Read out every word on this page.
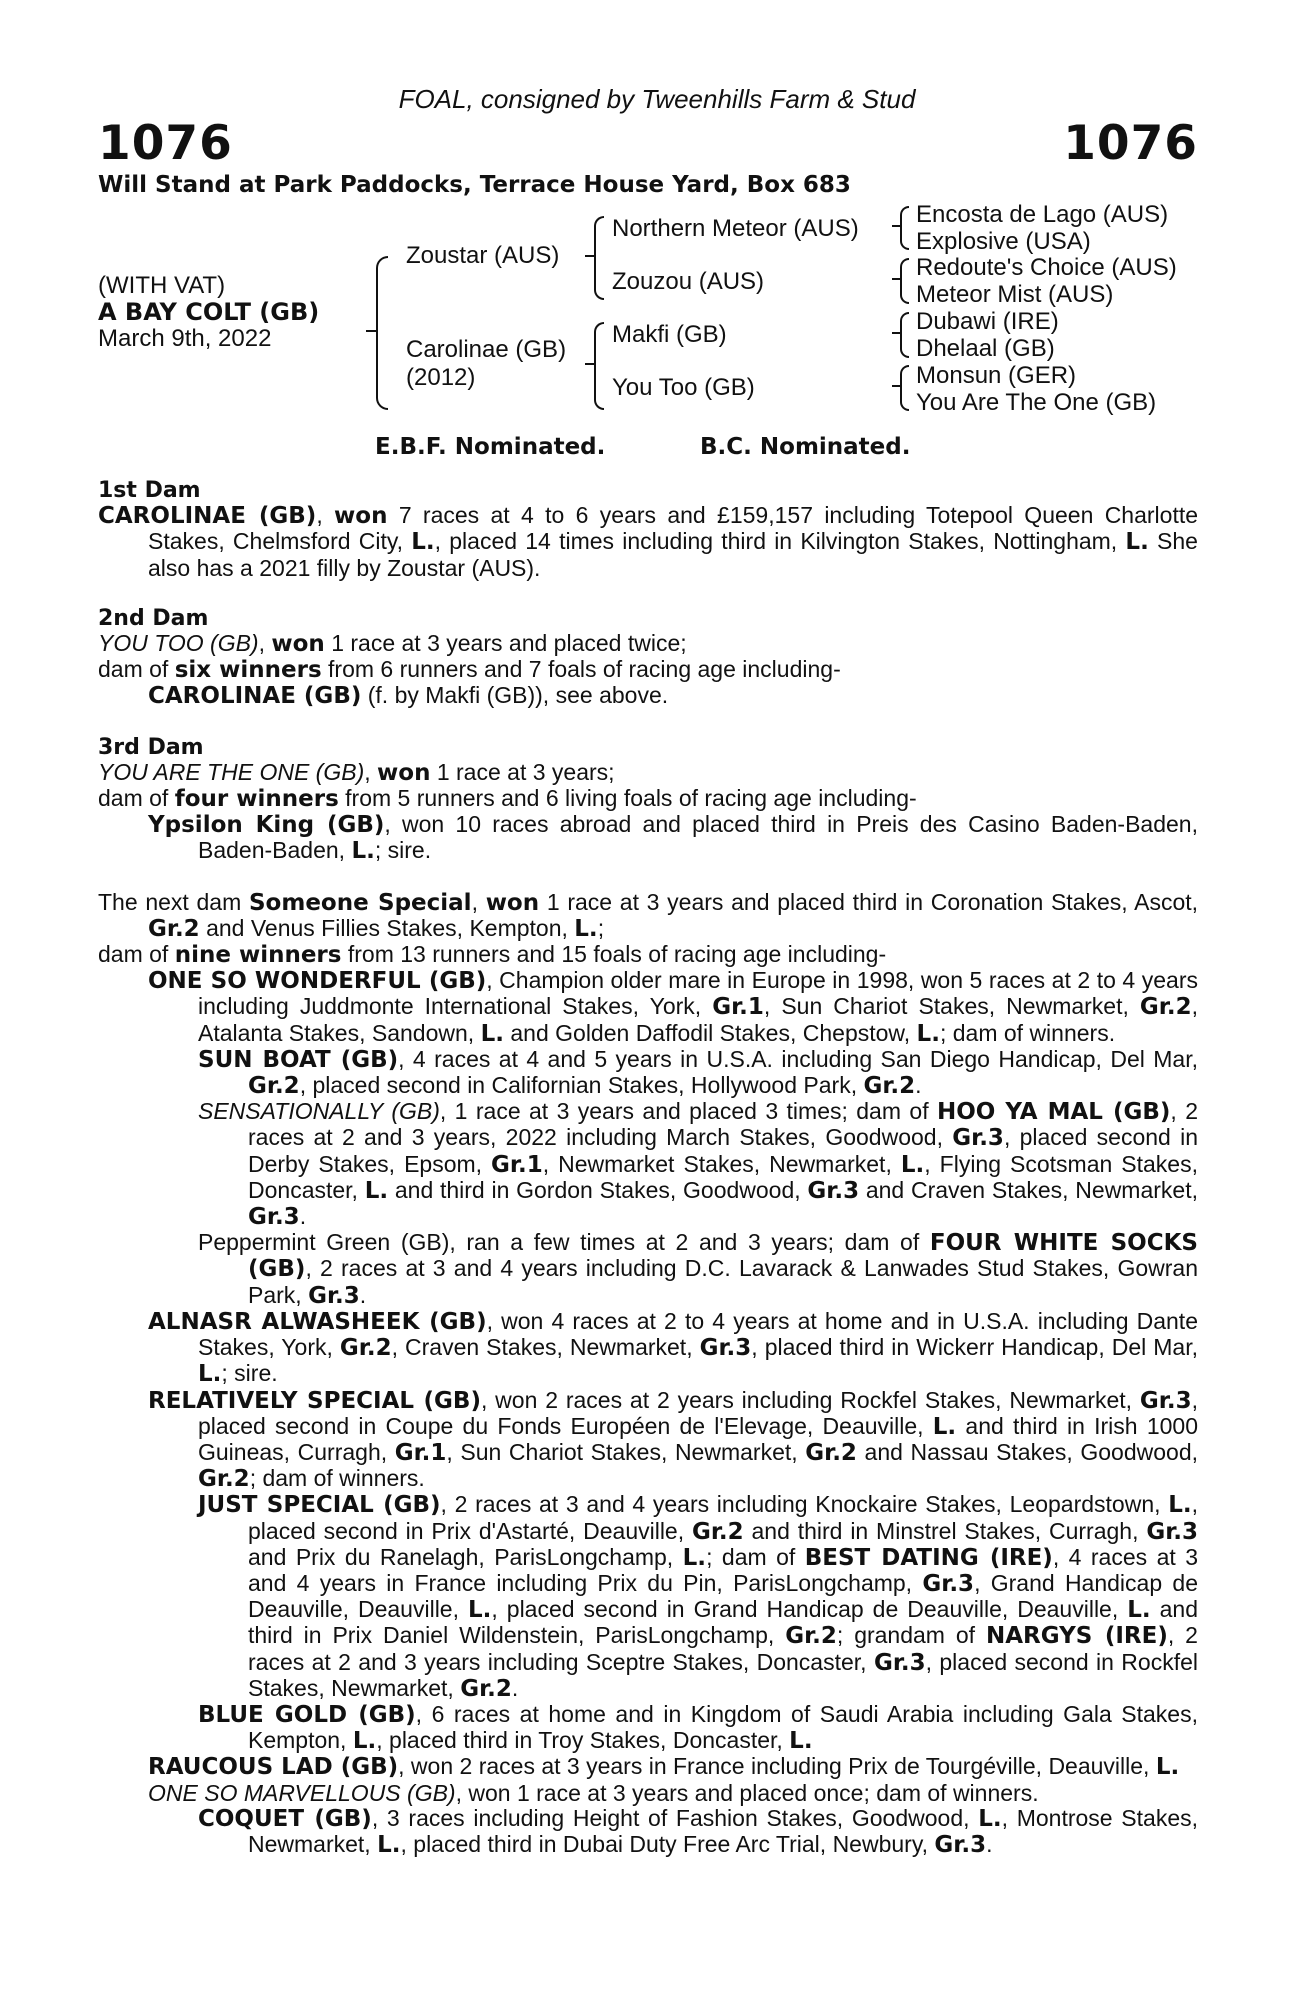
FOAL, consigned by Tweenhills Farm & Stud
1076	1076
Will Stand at Park Paddocks, Terrace House Yard, Box 683
(WITH VAT)
A BAY COLT (GB)
March 9th, 2022
Zoustar (AUS)
Carolinae (GB)
(2012)
Northern Meteor (AUS)
Zouzou (AUS)
Makfi (GB)
You Too (GB)
Encosta de Lago (AUS)
Explosive (USA)
Redoute's Choice (AUS)
Meteor Mist (AUS)
Dubawi (IRE)
Dhelaal (GB)
Monsun (GER)
You Are The One (GB)
E.B.F. Nominated.	B.C. Nominated.

1st Dam

CAROLINAE (GB), won 7 races at 4 to 6 years and £159,157 including Totepool Queen Charlotte Stakes, Chelmsford City, L., placed 14 times including third in Kilvington Stakes, Nottingham, L. She also has a 2021 filly by Zoustar (AUS).

2nd Dam

YOU TOO (GB), won 1 race at 3 years and placed twice;

dam of six winners from 6 runners and 7 foals of racing age including-

CAROLINAE (GB) (f. by Makfi (GB)), see above.

3rd Dam

YOU ARE THE ONE (GB), won 1 race at 3 years;

dam of four winners from 5 runners and 6 living foals of racing age including-

Ypsilon King (GB), won 10 races abroad and placed third in Preis des Casino Baden-Baden, Baden-Baden, L.; sire.

The next dam Someone Special, won 1 race at 3 years and placed third in Coronation Stakes, Ascot, Gr.2 and Venus Fillies Stakes, Kempton, L.;

dam of nine winners from 13 runners and 15 foals of racing age including-

ONE SO WONDERFUL (GB), Champion older mare in Europe in 1998, won 5 races at 2 to 4 years including Juddmonte International Stakes, York, Gr.1, Sun Chariot Stakes, Newmarket, Gr.2, Atalanta Stakes, Sandown, L. and Golden Daffodil Stakes, Chepstow, L.; dam of winners.

SUN BOAT (GB), 4 races at 4 and 5 years in U.S.A. including San Diego Handicap, Del Mar, Gr.2, placed second in Californian Stakes, Hollywood Park, Gr.2.

SENSATIONALLY (GB), 1 race at 3 years and placed 3 times; dam of HOO YA MAL (GB), 2 races at 2 and 3 years, 2022 including March Stakes, Goodwood, Gr.3, placed second in Derby Stakes, Epsom, Gr.1, Newmarket Stakes, Newmarket, L., Flying Scotsman Stakes, Doncaster, L. and third in Gordon Stakes, Goodwood, Gr.3 and Craven Stakes, Newmarket, Gr.3.

Peppermint Green (GB), ran a few times at 2 and 3 years; dam of FOUR WHITE SOCKS (GB), 2 races at 3 and 4 years including D.C. Lavarack & Lanwades Stud Stakes, Gowran Park, Gr.3.

ALNASR ALWASHEEK (GB), won 4 races at 2 to 4 years at home and in U.S.A. including Dante Stakes, York, Gr.2, Craven Stakes, Newmarket, Gr.3, placed third in Wickerr Handicap, Del Mar, L.; sire.

RELATIVELY SPECIAL (GB), won 2 races at 2 years including Rockfel Stakes, Newmarket, Gr.3, placed second in Coupe du Fonds Européen de l'Elevage, Deauville, L. and third in Irish 1000 Guineas, Curragh, Gr.1, Sun Chariot Stakes, Newmarket, Gr.2 and Nassau Stakes, Goodwood, Gr.2; dam of winners.

JUST SPECIAL (GB), 2 races at 3 and 4 years including Knockaire Stakes, Leopardstown, L., placed second in Prix d'Astarté, Deauville, Gr.2 and third in Minstrel Stakes, Curragh, Gr.3 and Prix du Ranelagh, ParisLongchamp, L.; dam of BEST DATING (IRE), 4 races at 3 and 4 years in France including Prix du Pin, ParisLongchamp, Gr.3, Grand Handicap de Deauville, Deauville, L., placed second in Grand Handicap de Deauville, Deauville, L. and third in Prix Daniel Wildenstein, ParisLongchamp, Gr.2; grandam of NARGYS (IRE), 2 races at 2 and 3 years including Sceptre Stakes, Doncaster, Gr.3, placed second in Rockfel Stakes, Newmarket, Gr.2.

BLUE GOLD (GB), 6 races at home and in Kingdom of Saudi Arabia including Gala Stakes, Kempton, L., placed third in Troy Stakes, Doncaster, L.

RAUCOUS LAD (GB), won 2 races at 3 years in France including Prix de Tourgéville, Deauville, L.

ONE SO MARVELLOUS (GB), won 1 race at 3 years and placed once; dam of winners.

COQUET (GB), 3 races including Height of Fashion Stakes, Goodwood, L., Montrose Stakes, Newmarket, L., placed third in Dubai Duty Free Arc Trial, Newbury, Gr.3.
